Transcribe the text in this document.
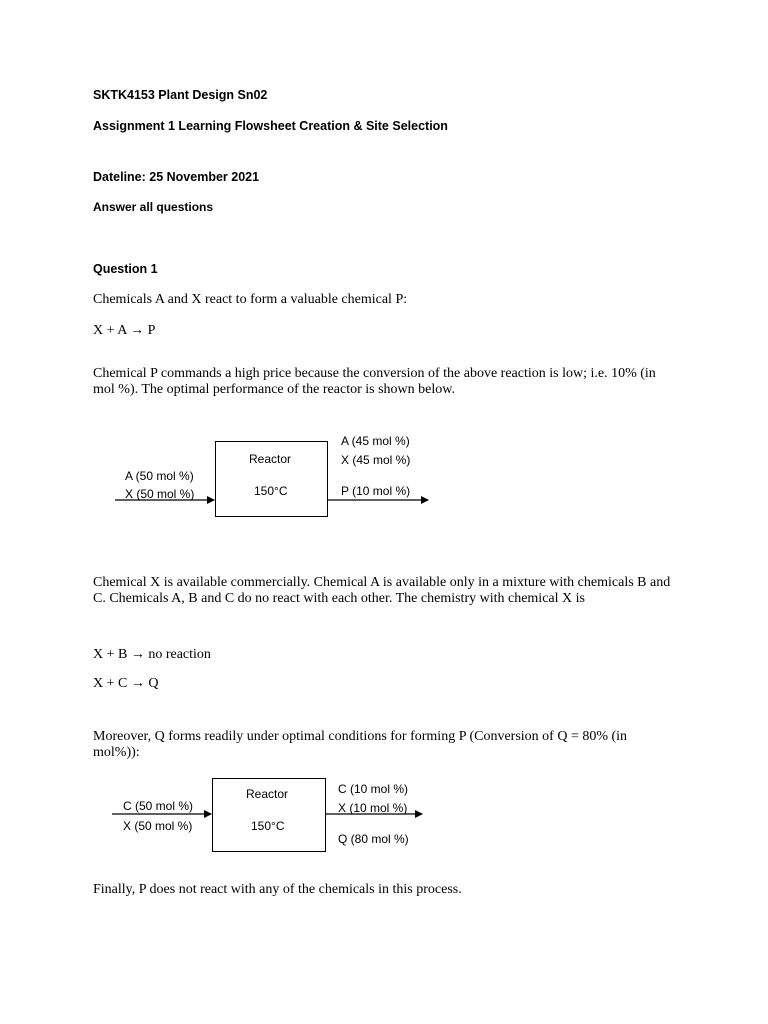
SKTK4153 Plant Design Sn02
Assignment 1 Learning Flowsheet Creation & Site Selection
Dateline: 25 November 2021
Answer all questions
Question 1
Chemicals A and X react to form a valuable chemical P:
X + A → P
Chemical P commands a high price because the conversion of the above reaction is low; i.e. 10% (in mol %). The optimal performance of the reactor is shown below.
Reactor
150°C
A (50 mol %)
X (50 mol %)
A (45 mol %)
X (45 mol %)
P (10 mol %)
Chemical X is available commercially. Chemical A is available only in a mixture with chemicals B and C. Chemicals A, B and C do no react with each other. The chemistry with chemical X is
X + B → no reaction
X + C → Q
Moreover, Q forms readily under optimal conditions for forming P (Conversion of Q = 80% (in mol%)):
Reactor
150°C
C (50 mol %)
X (50 mol %)
C (10 mol %)
X (10 mol %)
Q (80 mol %)
Finally, P does not react with any of the chemicals in this process.
